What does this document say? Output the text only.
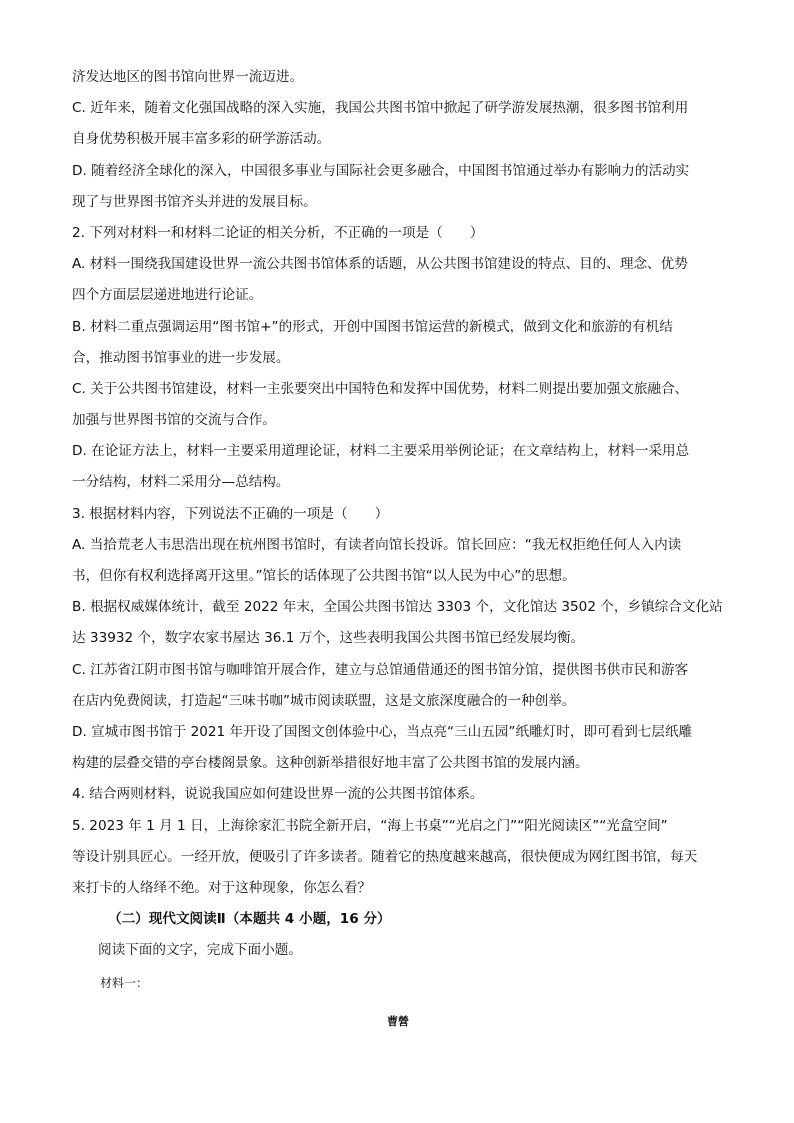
济发达地区的图书馆向世界一流迈进。
C. 近年来，随着文化强国战略的深入实施，我国公共图书馆中掀起了研学游发展热潮，很多图书馆利用
自身优势积极开展丰富多彩的研学游活动。
D. 随着经济全球化的深入，中国很多事业与国际社会更多融合，中国图书馆通过举办有影响力的活动实
现了与世界图书馆齐头并进的发展目标。
2. 下列对材料一和材料二论证的相关分析，不正确的一项是（　　）
A. 材料一围绕我国建设世界一流公共图书馆体系的话题，从公共图书馆建设的特点、目的、理念、优势
四个方面层层递进地进行论证。
B. 材料二重点强调运用“图书馆+”的形式，开创中国图书馆运营的新模式，做到文化和旅游的有机结
合，推动图书馆事业的进一步发展。
C. 关于公共图书馆建设，材料一主张要突出中国特色和发挥中国优势，材料二则提出要加强文旅融合、
加强与世界图书馆的交流与合作。
D. 在论证方法上，材料一主要采用道理论证，材料二主要采用举例论证；在文章结构上，材料一采用总
一分结构，材料二采用分—总结构。
3. 根据材料内容，下列说法不正确的一项是（　　）
A. 当拾荒老人韦思浩出现在杭州图书馆时，有读者向馆长投诉。馆长回应：“我无权拒绝任何人入内读
书，但你有权利选择离开这里。”馆长的话体现了公共图书馆“以人民为中心”的思想。
B. 根据权威媒体统计，截至 2022 年末，全国公共图书馆达 3303 个，文化馆达 3502 个，乡镇综合文化站
达 33932 个，数字农家书屋达 36.1 万个，这些表明我国公共图书馆已经发展均衡。
C. 江苏省江阴市图书馆与咖啡馆开展合作，建立与总馆通借通还的图书馆分馆，提供图书供市民和游客
在店内免费阅读，打造起“三味书咖”城市阅读联盟，这是文旅深度融合的一种创举。
D. 宣城市图书馆于 2021 年开设了国图文创体验中心，当点亮“三山五园”纸雕灯时，即可看到七层纸雕
构建的层叠交错的亭台楼阁景象。这种创新举措很好地丰富了公共图书馆的发展内涵。
4. 结合两则材料，说说我国应如何建设世界一流的公共图书馆体系。
5. 2023 年 1 月 1 日，上海徐家汇书院全新开启，“海上书桌”“光启之门”“阳光阅读区”“光盒空间”
等设计别具匠心。一经开放，便吸引了许多读者。随着它的热度越来越高，很快便成为网红图书馆，每天
来打卡的人络绎不绝。对于这种现象，你怎么看？
（二）现代文阅读Ⅱ（本题共 4 小题，16 分）
阅读下面的文字，完成下面小题。
材料一：
曹營
